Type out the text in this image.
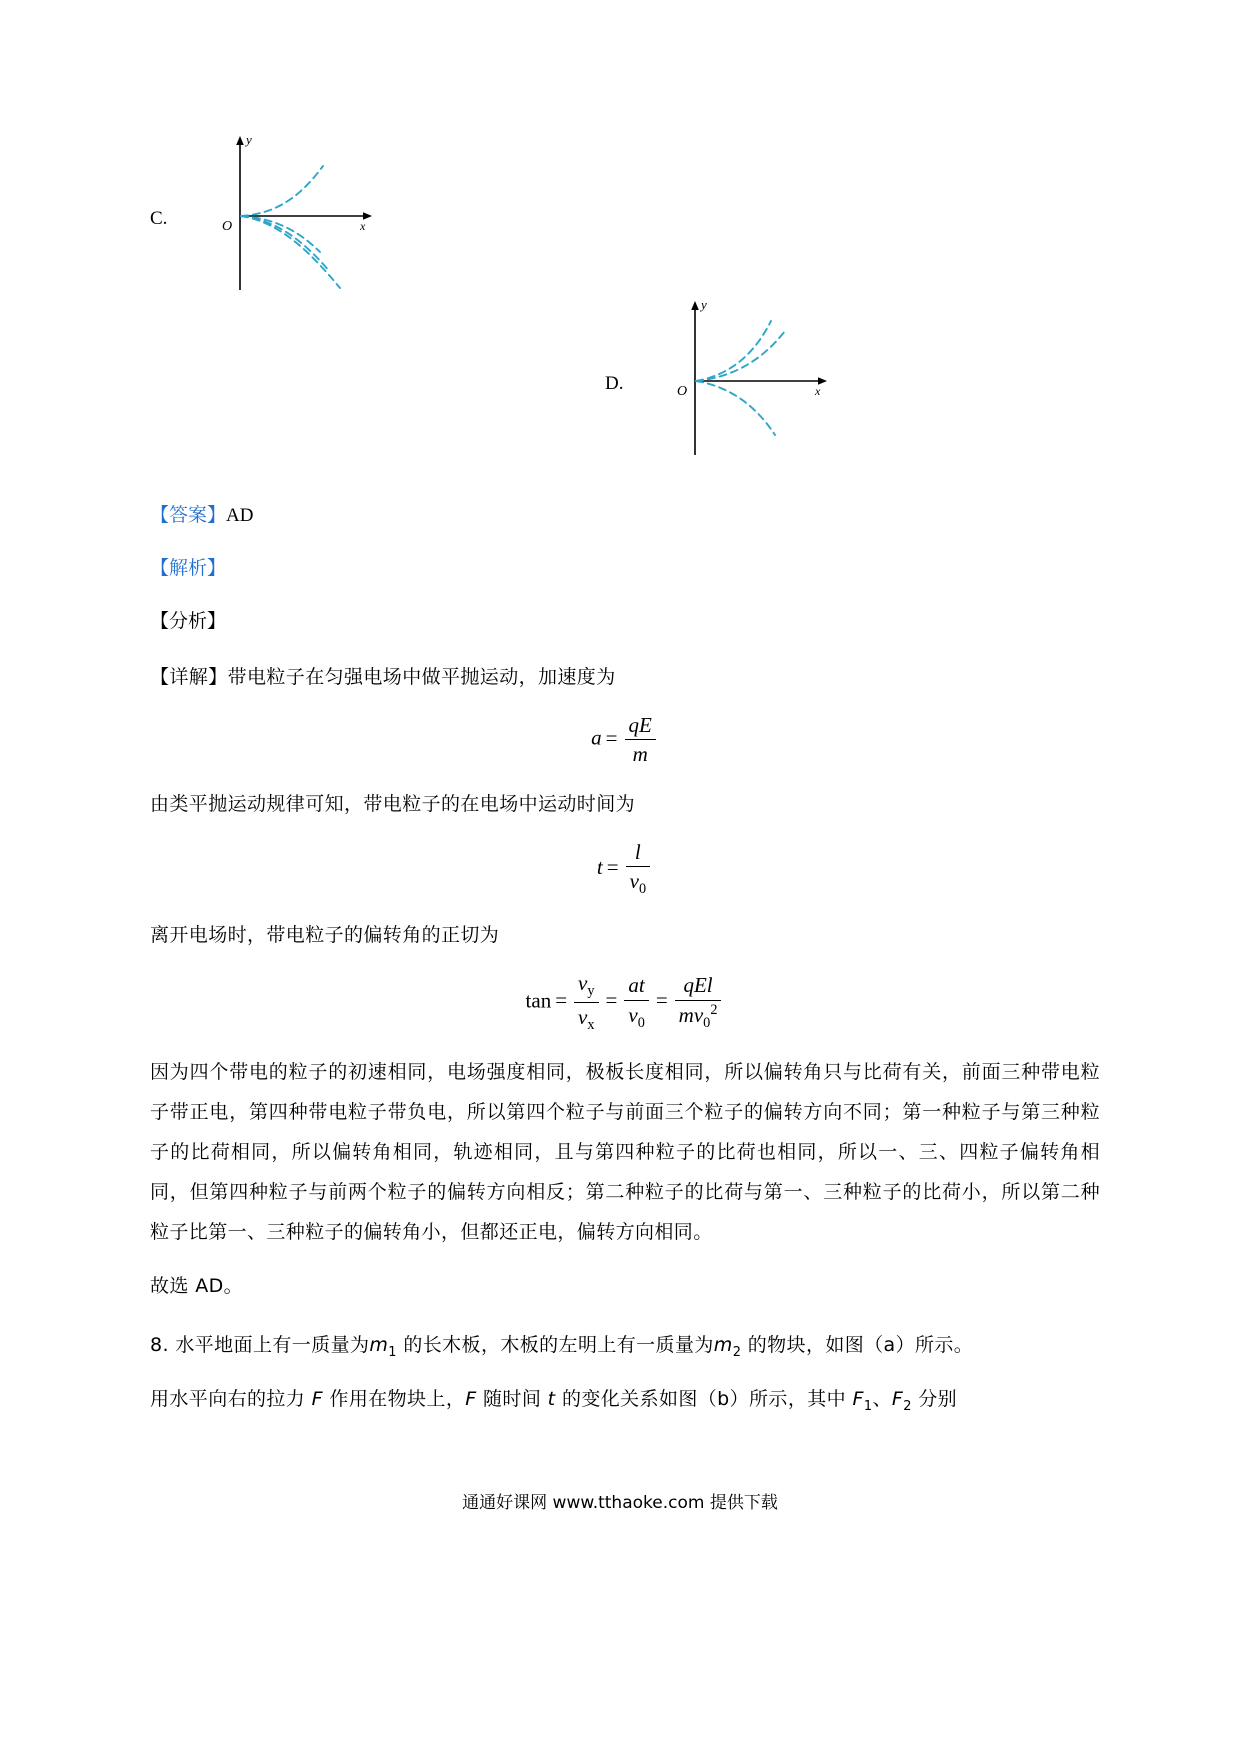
C.
y
x
O
D.
y
x
O
【答案】AD
【解析】
【分析】
【详解】带电粒子在匀强电场中做平抛运动，加速度为
$a = \frac{qE}{m}$
由类平抛运动规律可知，带电粒子的在电场中运动时间为
$t = \frac{l}{v_0}$
离开电场时，带电粒子的偏转角的正切为
$\tan = \frac{v_y}{v_x} = \frac{at}{v_0} = \frac{\text{qEl}}{mv_0^2}$
因为四个带电的粒子的初速相同，电场强度相同，极板长度相同，所以偏转角只与比荷有关，前面三种带电粒子带正电，第四种带电粒子带负电，所以第四个粒子与前面三个粒子的偏转方向不同；第一种粒子与第三种粒子的比荷相同，所以偏转角相同，轨迹相同，且与第四种粒子的比荷也相同，所以一、三、四粒子偏转角相同，但第四种粒子与前两个粒子的偏转方向相反；第二种粒子的比荷与第一、三种粒子的比荷小，所以第二种粒子比第一、三种粒子的偏转角小，但都还正电，偏转方向相同。
故选 AD。
8. 水平地面上有一质量为$m_1$ 的长木板，木板的左明上有一质量为$m_2$ 的物块，如图（a）所示。
用水平向右的拉力 F 作用在物块上，F 随时间 t 的变化关系如图（b）所示，其中 $F_1$、$F_2$ 分别
通通好课网 www.tthaoke.com 提供下载
